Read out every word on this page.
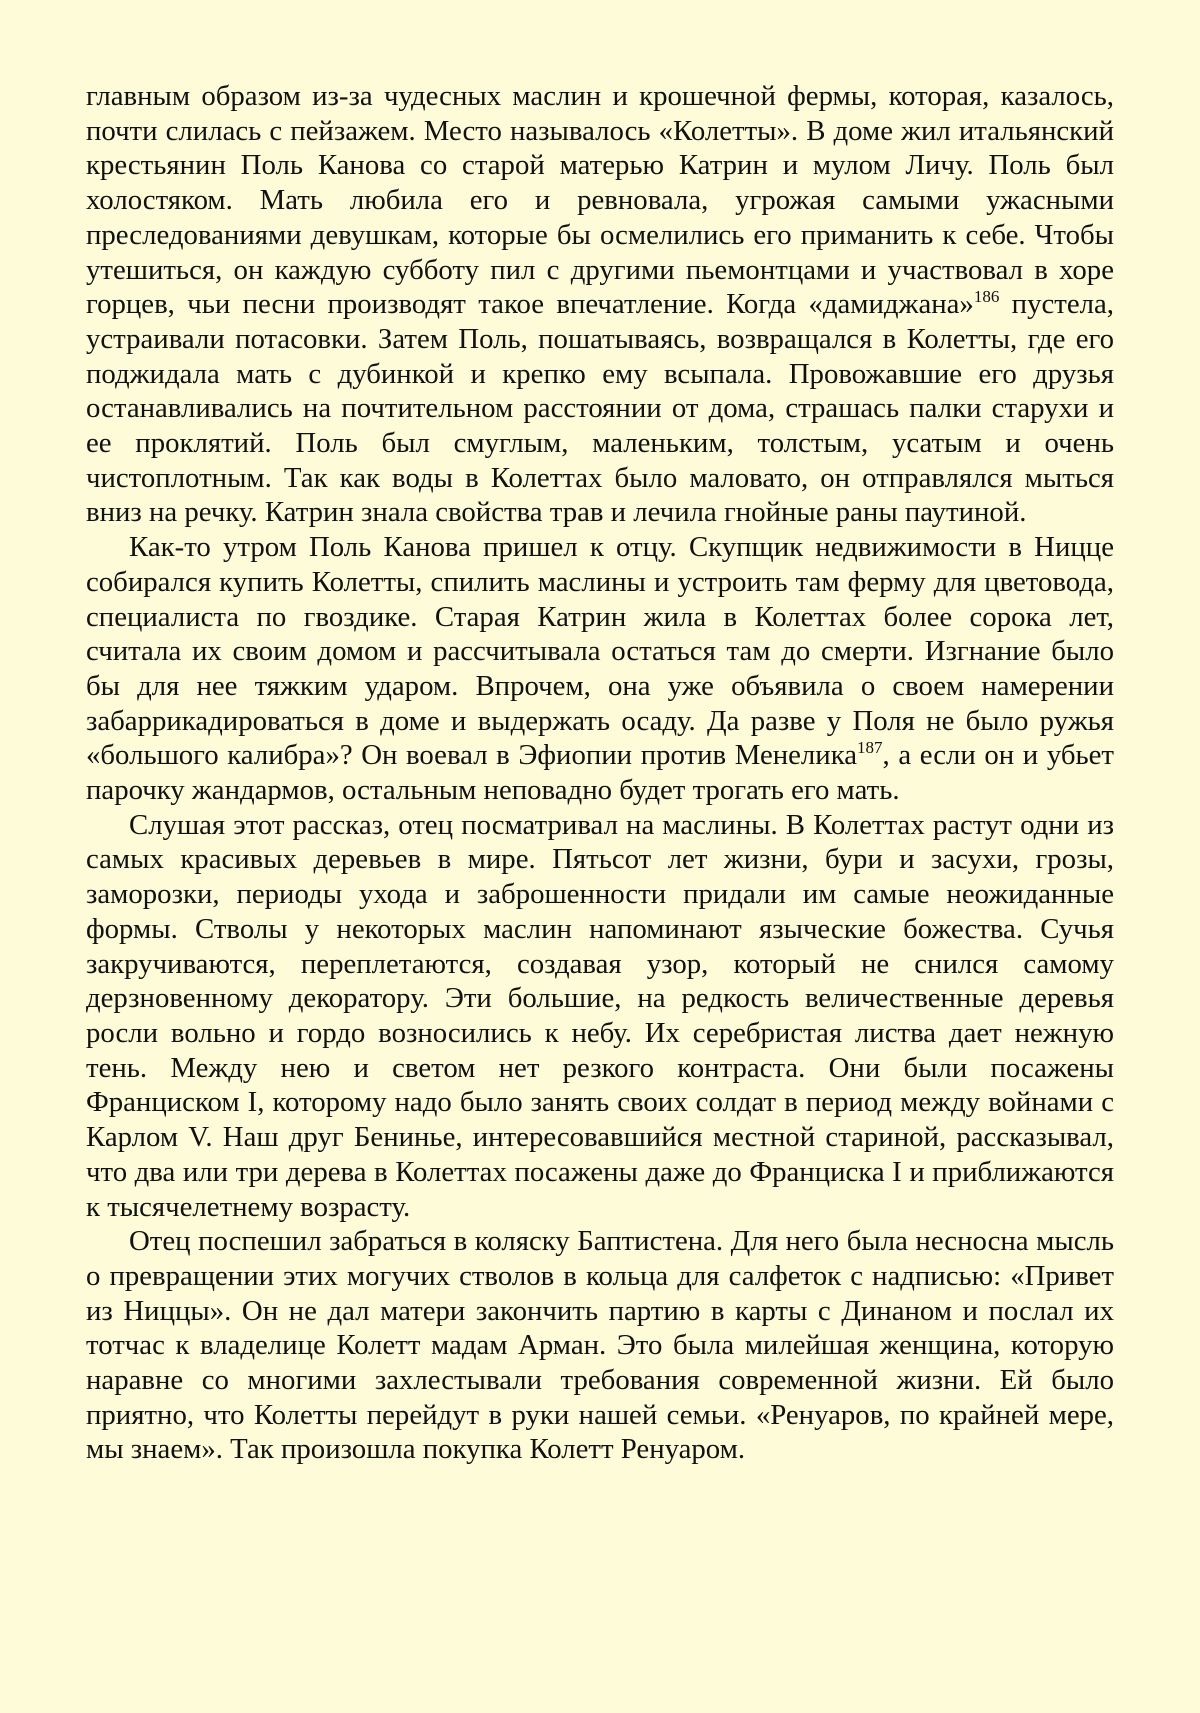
главным образом из-за чудесных маслин и крошечной фермы, которая, казалось, почти слилась с пейзажем. Место называлось «Колетты». В доме жил итальянский крестьянин Поль Канова со старой матерью Катрин и мулом Личу. Поль был холостяком. Мать любила его и ревновала, угрожая самыми ужасными преследованиями девушкам, которые бы осмелились его приманить к себе. Чтобы утешиться, он каждую субботу пил с другими пьемонтцами и участвовал в хоре горцев, чьи песни производят такое впечатление. Когда «дамиджана»$^{186}$ пустела, устраивали потасовки. Затем Поль, пошатываясь, возвращался в Колетты, где его поджидала мать с дубинкой и крепко ему всыпала. Провожавшие его друзья останавливались на почтительном расстоянии от дома, страшась палки старухи и ее проклятий. Поль был смуглым, маленьким, толстым, усатым и очень чистоплотным. Так как воды в Колеттах было маловато, он отправлялся мыться вниз на речку. Катрин знала свойства трав и лечила гнойные раны паутиной.

Как-то утром Поль Канова пришел к отцу. Скупщик недвижимости в Ницце собирался купить Колетты, спилить маслины и устроить там ферму для цветовода, специалиста по гвоздике. Старая Катрин жила в Колеттах более сорока лет, считала их своим домом и рассчитывала остаться там до смерти. Изгнание было бы для нее тяжким ударом. Впрочем, она уже объявила о своем намерении забаррикадироваться в доме и выдержать осаду. Да разве у Поля не было ружья «большого калибра»? Он воевал в Эфиопии против Менелика$^{187}$, а если он и убьет парочку жандармов, остальным неповадно будет трогать его мать.

Слушая этот рассказ, отец посматривал на маслины. В Колеттах растут одни из самых красивых деревьев в мире. Пятьсот лет жизни, бури и засухи, грозы, заморозки, периоды ухода и заброшенности придали им самые неожиданные формы. Стволы у некоторых маслин напоминают языческие божества. Сучья закручиваются, переплетаются, создавая узор, который не снился самому дерзновенному декоратору. Эти большие, на редкость величественные деревья росли вольно и гордо возносились к небу. Их серебристая листва дает нежную тень. Между нею и светом нет резкого контраста. Они были посажены Франциском I, которому надо было занять своих солдат в период между войнами с Карлом V. Наш друг Бенинье, интересовавшийся местной стариной, рассказывал, что два или три дерева в Колеттах посажены даже до Франциска I и приближаются к тысячелетнему возрасту.

Отец поспешил забраться в коляску Баптистена. Для него была несносна мысль о превращении этих могучих стволов в кольца для салфеток с надписью: «Привет из Ниццы». Он не дал матери закончить партию в карты с Динаном и послал их тотчас к владелице Колетт мадам Арман. Это была милейшая женщина, которую наравне со многими захлестывали требования современной жизни. Ей было приятно, что Колетты перейдут в руки нашей семьи. «Ренуаров, по крайней мере, мы знаем». Так произошла покупка Колетт Ренуаром.
